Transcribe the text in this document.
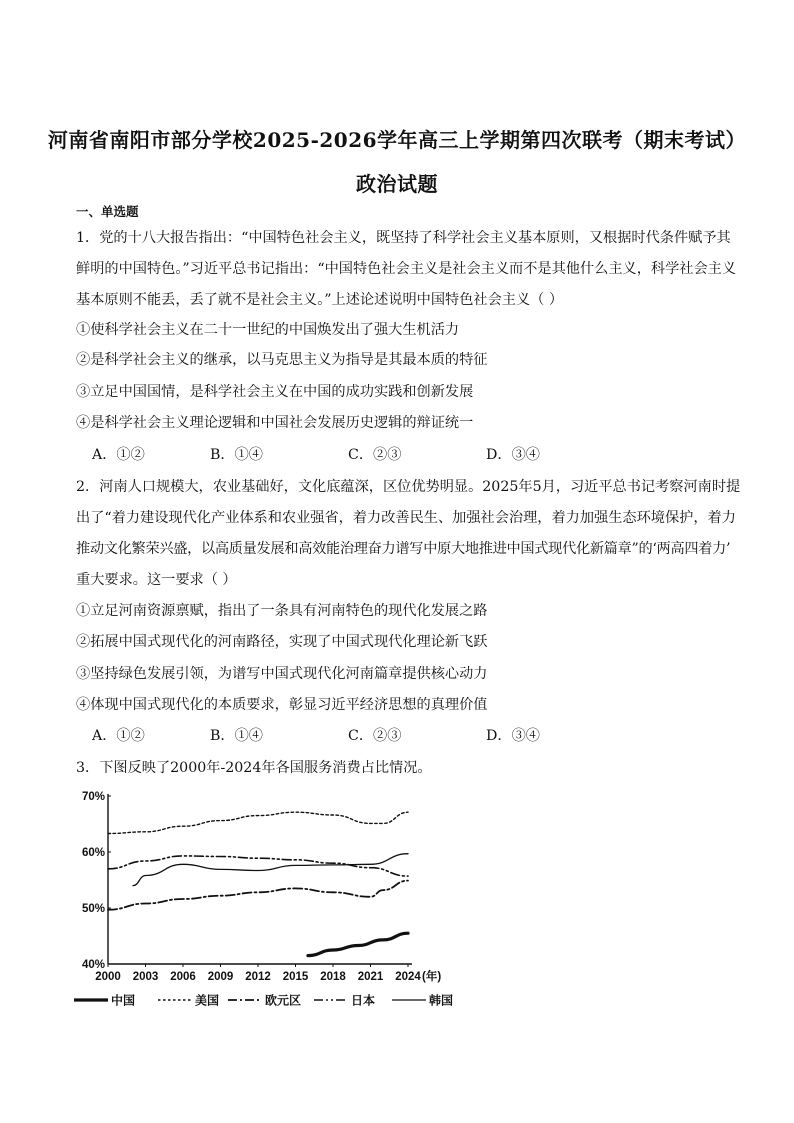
河南省南阳市部分学校2025-2026学年高三上学期第四次联考（期末考试）
政治试题
一、单选题
1．党的十八大报告指出：“中国特色社会主义，既坚持了科学社会主义基本原则，又根据时代条件赋予其
鲜明的中国特色。”习近平总书记指出：“中国特色社会主义是社会主义而不是其他什么主义，科学社会主义
基本原则不能丢，丢了就不是社会主义。”上述论述说明中国特色社会主义（ ）
①使科学社会主义在二十一世纪的中国焕发出了强大生机活力
②是科学社会主义的继承，以马克思主义为指导是其最本质的特征
③立足中国国情，是科学社会主义在中国的成功实践和创新发展
④是科学社会主义理论逻辑和中国社会发展历史逻辑的辩证统一
A．①②	B．①④	C．②③	D．③④
2．河南人口规模大，农业基础好，文化底蕴深，区位优势明显。2025年5月，习近平总书记考察河南时提
出了“着力建设现代化产业体系和农业强省，着力改善民生、加强社会治理，着力加强生态环境保护，着力
推动文化繁荣兴盛，以高质量发展和高效能治理奋力谱写中原大地推进中国式现代化新篇章”的‘两高四着力’
重大要求。这一要求（ ）
①立足河南资源禀赋，指出了一条具有河南特色的现代化发展之路
②拓展中国式现代化的河南路径，实现了中国式现代化理论新飞跃
③坚持绿色发展引领，为谱写中国式现代化河南篇章提供核心动力
④体现中国式现代化的本质要求，彰显习近平经济思想的真理价值
A．①②	B．①④	C．②③	D．③④
3．下图反映了2000年-2024年各国服务消费占比情况。
2000 2003 2006 2009 2012 2015 2018 2021 2024 (年)
40%
50%
60%
70%
中国	美国	欧元区	日本	韩国
